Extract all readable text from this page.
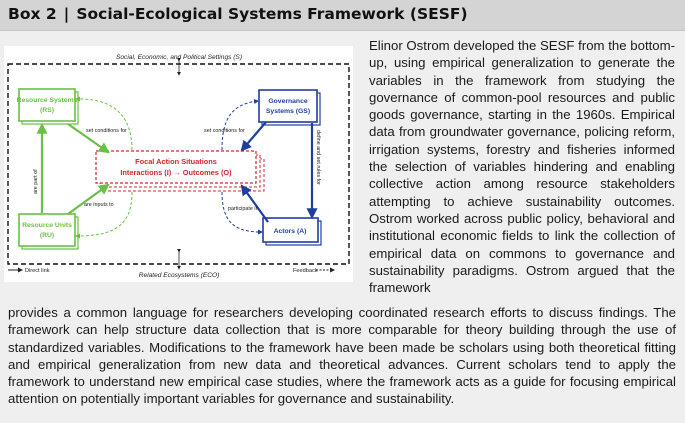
Box 2 | Social-Ecological Systems Framework (SESF)
Social, Economic, and Political Settings (S)
Related Ecosystems (ECO)
Resource Systems
(RS)
Resource Units
(RU)
Governance
Systems (GS)
Actors (A)
Focal Action Situations
Interactions (I) → Outcomes (O)
set conditions for	set conditions for
are inputs to
participate in
are part of	define and set rules for
Direct link	Feedback

Elinor Ostrom developed the SESF from the bottom-up, using empirical generalization to generate the variables in the framework from studying the governance of common-pool resources and public goods governance, starting in the 1960s. Empirical data from groundwater governance, policing reform, irrigation systems, forestry and fisheries informed the selection of variables hindering and enabling collective action among resource stakeholders attempting to achieve sustainability outcomes. Ostrom worked across public policy, behavioral and institutional economic fields to link the collection of empirical data on commons to governance and sustainability paradigms. Ostrom argued that the framework

provides a common language for researchers developing coordinated research efforts to discuss findings. The framework can help structure data collection that is more comparable for theory building through the use of standardized variables. Modifications to the framework have been made be scholars using both theoretical fitting and empirical generalization from new data and theoretical advances. Current scholars tend to apply the framework to understand new empirical case studies, where the framework acts as a guide for focusing empirical attention on potentially important variables for governance and sustainability.
